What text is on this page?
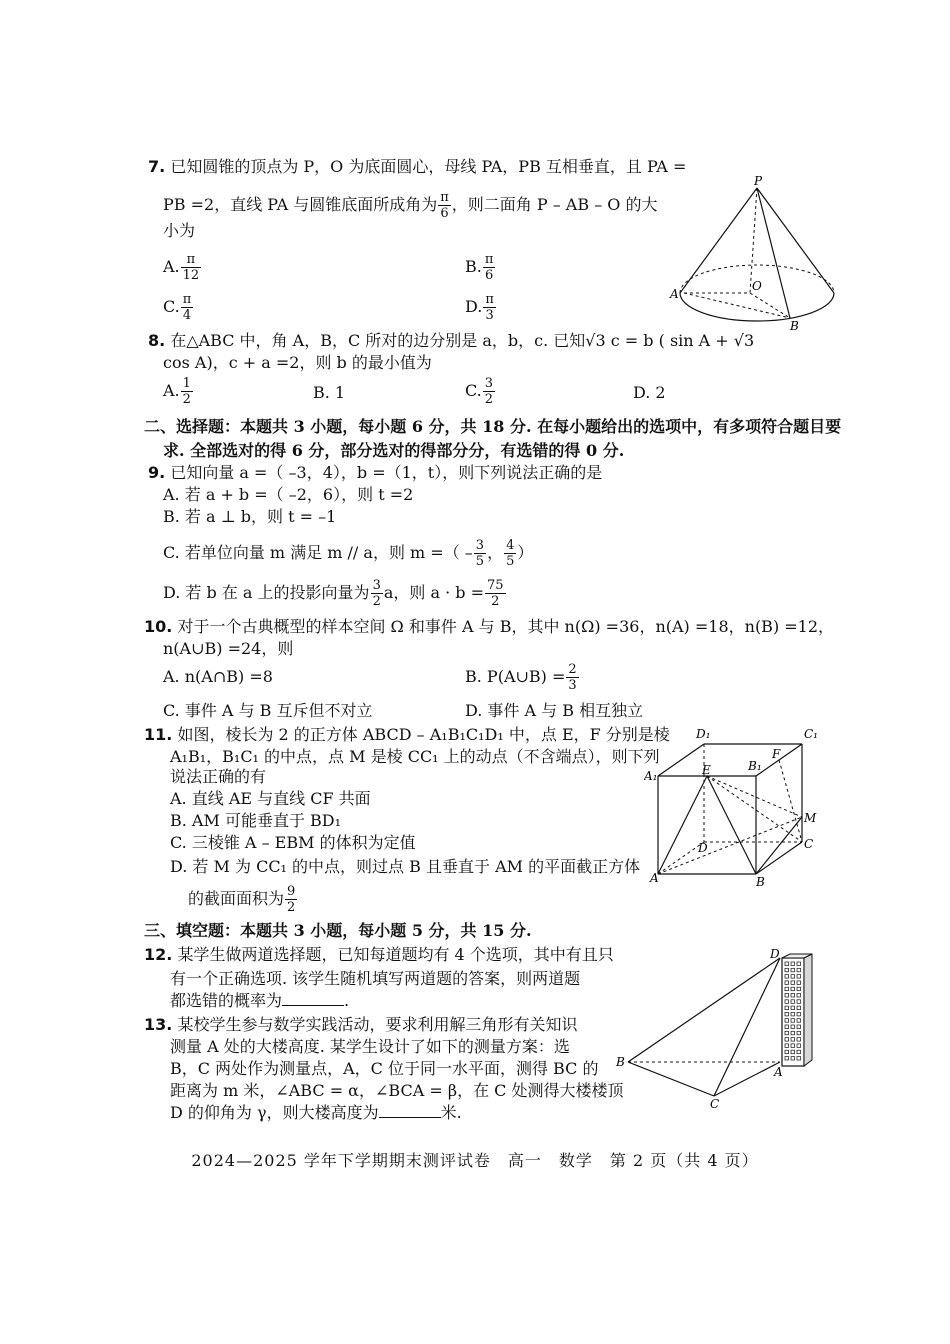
7. 已知圆锥的顶点为 P，O 为底面圆心，母线 PA，PB 互相垂直，且 PA =
PB =2，直线 PA 与圆锥底面所成角为 $\frac{\pi}{6}$ ，则二面角 P – AB – O 的大
小为
A. $\frac{\pi}{12}$	B. $\frac{\pi}{6}$
C. $\frac{\pi}{4}$	D. $\frac{\pi}{3}$
P
O
A
B
8. 在△ABC 中，角 A，B，C 所对的边分别是 a，b，c. 已知√3 c = b ( sin A + √3
cos A)，c + a =2，则 b 的最小值为
A. $\frac{1}{2}$	B. 1	C. $\frac{3}{2}$	D. 2
二、选择题：本题共 3 小题，每小题 6 分，共 18 分. 在每小题给出的选项中，有多项符合题目要
求. 全部选对的得 6 分，部分选对的得部分分，有选错的得 0 分.
9. 已知向量 a =（ –3，4），b =（1，t），则下列说法正确的是
A. 若 a + b =（ –2，6），则 t =2
B. 若 a ⊥ b，则 t = –1
C. 若单位向量 m 满足 m // a，则 m =（ – $\frac{3}{5}$ ， $\frac{4}{5}$ ）
D. 若 b 在 a 上的投影向量为 $\frac{3}{2}$ a，则 $a \cdot b = \frac{75}{2}$
10. 对于一个古典概型的样本空间 Ω 和事件 A 与 B，其中 n(Ω) =36，n(A) =18，n(B) =12，
n(A∪B) =24，则
A. n(A∩B) =8	B. P(A∪B) = $\frac{2}{3}$
C. 事件 A 与 B 互斥但不对立	D. 事件 A 与 B 相互独立
11. 如图，棱长为 2 的正方体 ABCD – A₁B₁C₁D₁ 中，点 E，F 分别是棱
A₁B₁，B₁C₁ 的中点，点 M 是棱 CC₁ 上的动点（不含端点），则下列
说法正确的有
A. 直线 AE 与直线 CF 共面
B. AM 可能垂直于 BD₁
C. 三棱锥 A – EBM 的体积为定值
D. 若 M 为 CC₁ 的中点，则过点 B 且垂直于 AM 的平面截正方体
的截面面积为 $\frac{9}{2}$
D₁	C₁
F
B₁
A₁	E
M
D	C
A	B
三、填空题：本题共 3 小题，每小题 5 分，共 15 分.
12. 某学生做两道选择题，已知每道题均有 4 个选项，其中有且只
有一个正确选项. 该学生随机填写两道题的答案，则两道题
都选错的概率为	.
13. 某校学生参与数学实践活动，要求利用解三角形有关知识
测量 A 处的大楼高度. 某学生设计了如下的测量方案：选
B，C 两处作为测量点，A，C 位于同一水平面，测得 BC 的
距离为 m 米，∠ABC = α，∠BCA = β，在 C 处测得大楼楼顶
D 的仰角为 γ，则大楼高度为	米.
D
B
A
C
2024—2025 学年下学期期末测评试卷　高一　数学　第 2 页（共 4 页）
